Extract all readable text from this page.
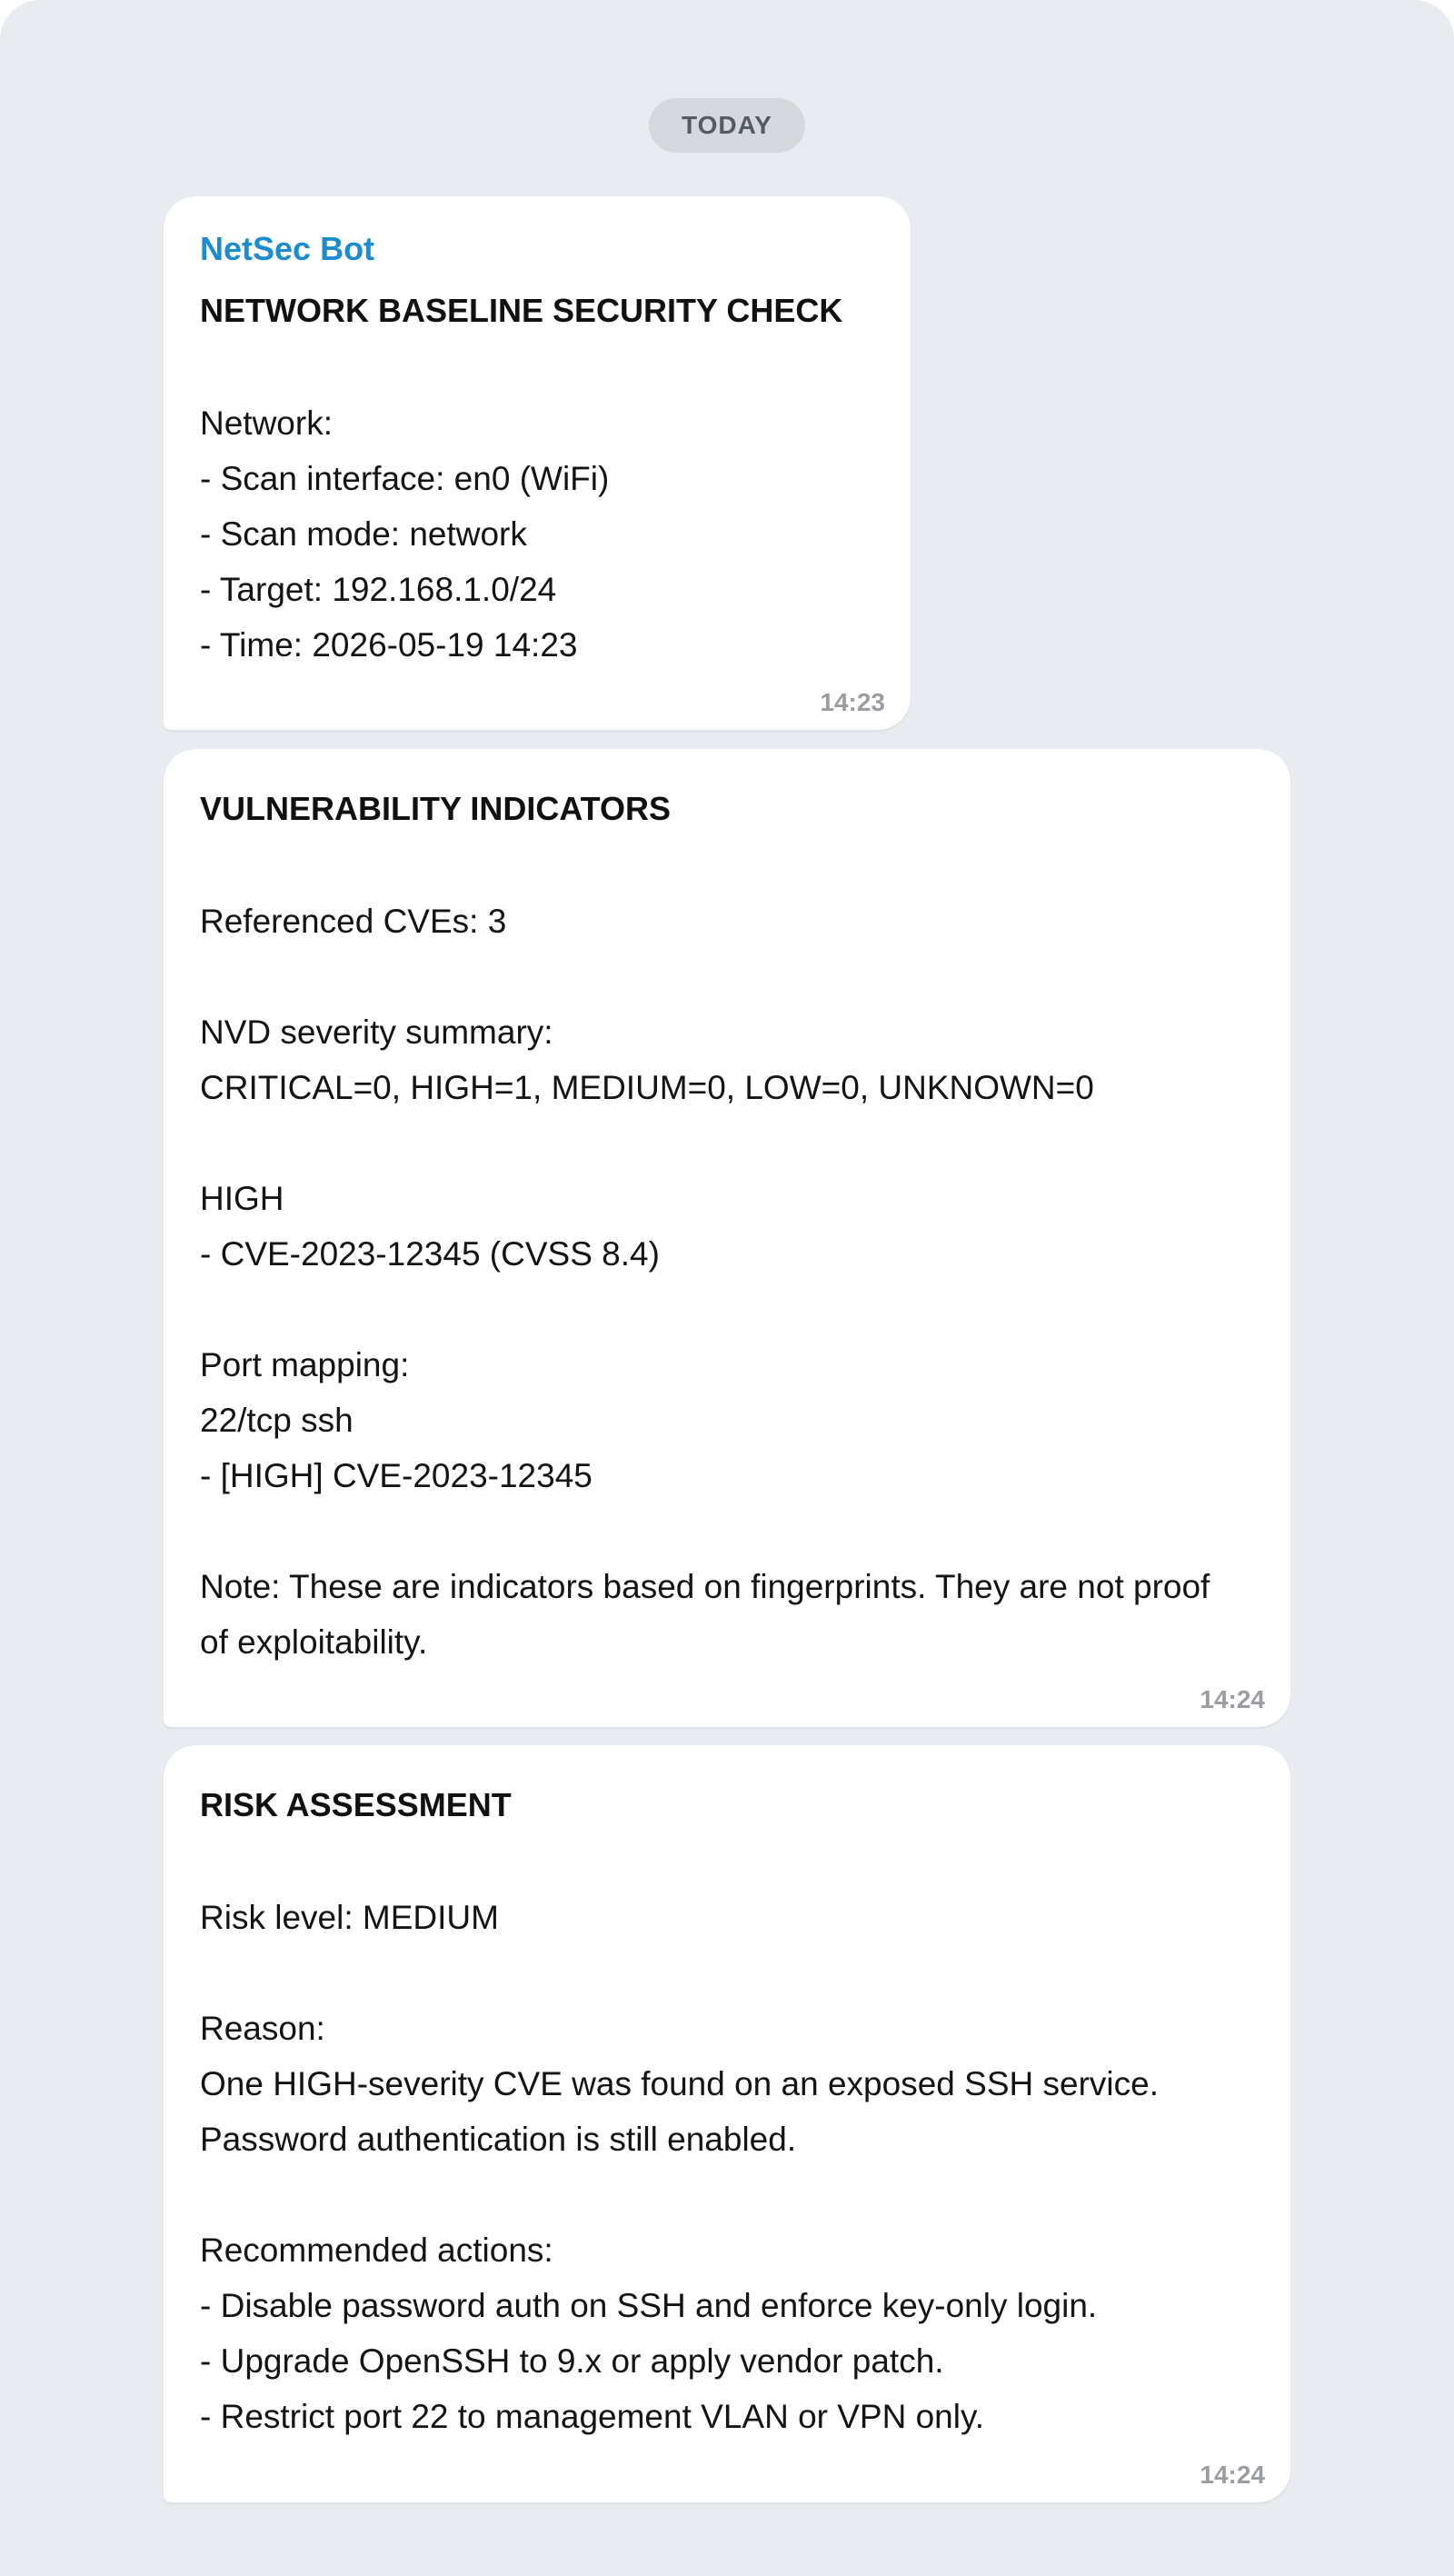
TODAY
NetSec Bot
NETWORK BASELINE SECURITY CHECK
Network:
- Scan interface: en0 (WiFi)
- Scan mode: network
- Target: 192.168.1.0/24
- Time: 2026-05-19 14:23
14:23
VULNERABILITY INDICATORS
Referenced CVEs: 3
NVD severity summary:
CRITICAL=0, HIGH=1, MEDIUM=0, LOW=0, UNKNOWN=0
HIGH
- CVE-2023-12345 (CVSS 8.4)
Port mapping:
22/tcp ssh
- [HIGH] CVE-2023-12345
Note: These are indicators based on fingerprints. They are not proof
of exploitability.
14:24
RISK ASSESSMENT
Risk level: MEDIUM
Reason:
One HIGH-severity CVE was found on an exposed SSH service.
Password authentication is still enabled.
Recommended actions:
- Disable password auth on SSH and enforce key-only login.
- Upgrade OpenSSH to 9.x or apply vendor patch.
- Restrict port 22 to management VLAN or VPN only.
14:24
